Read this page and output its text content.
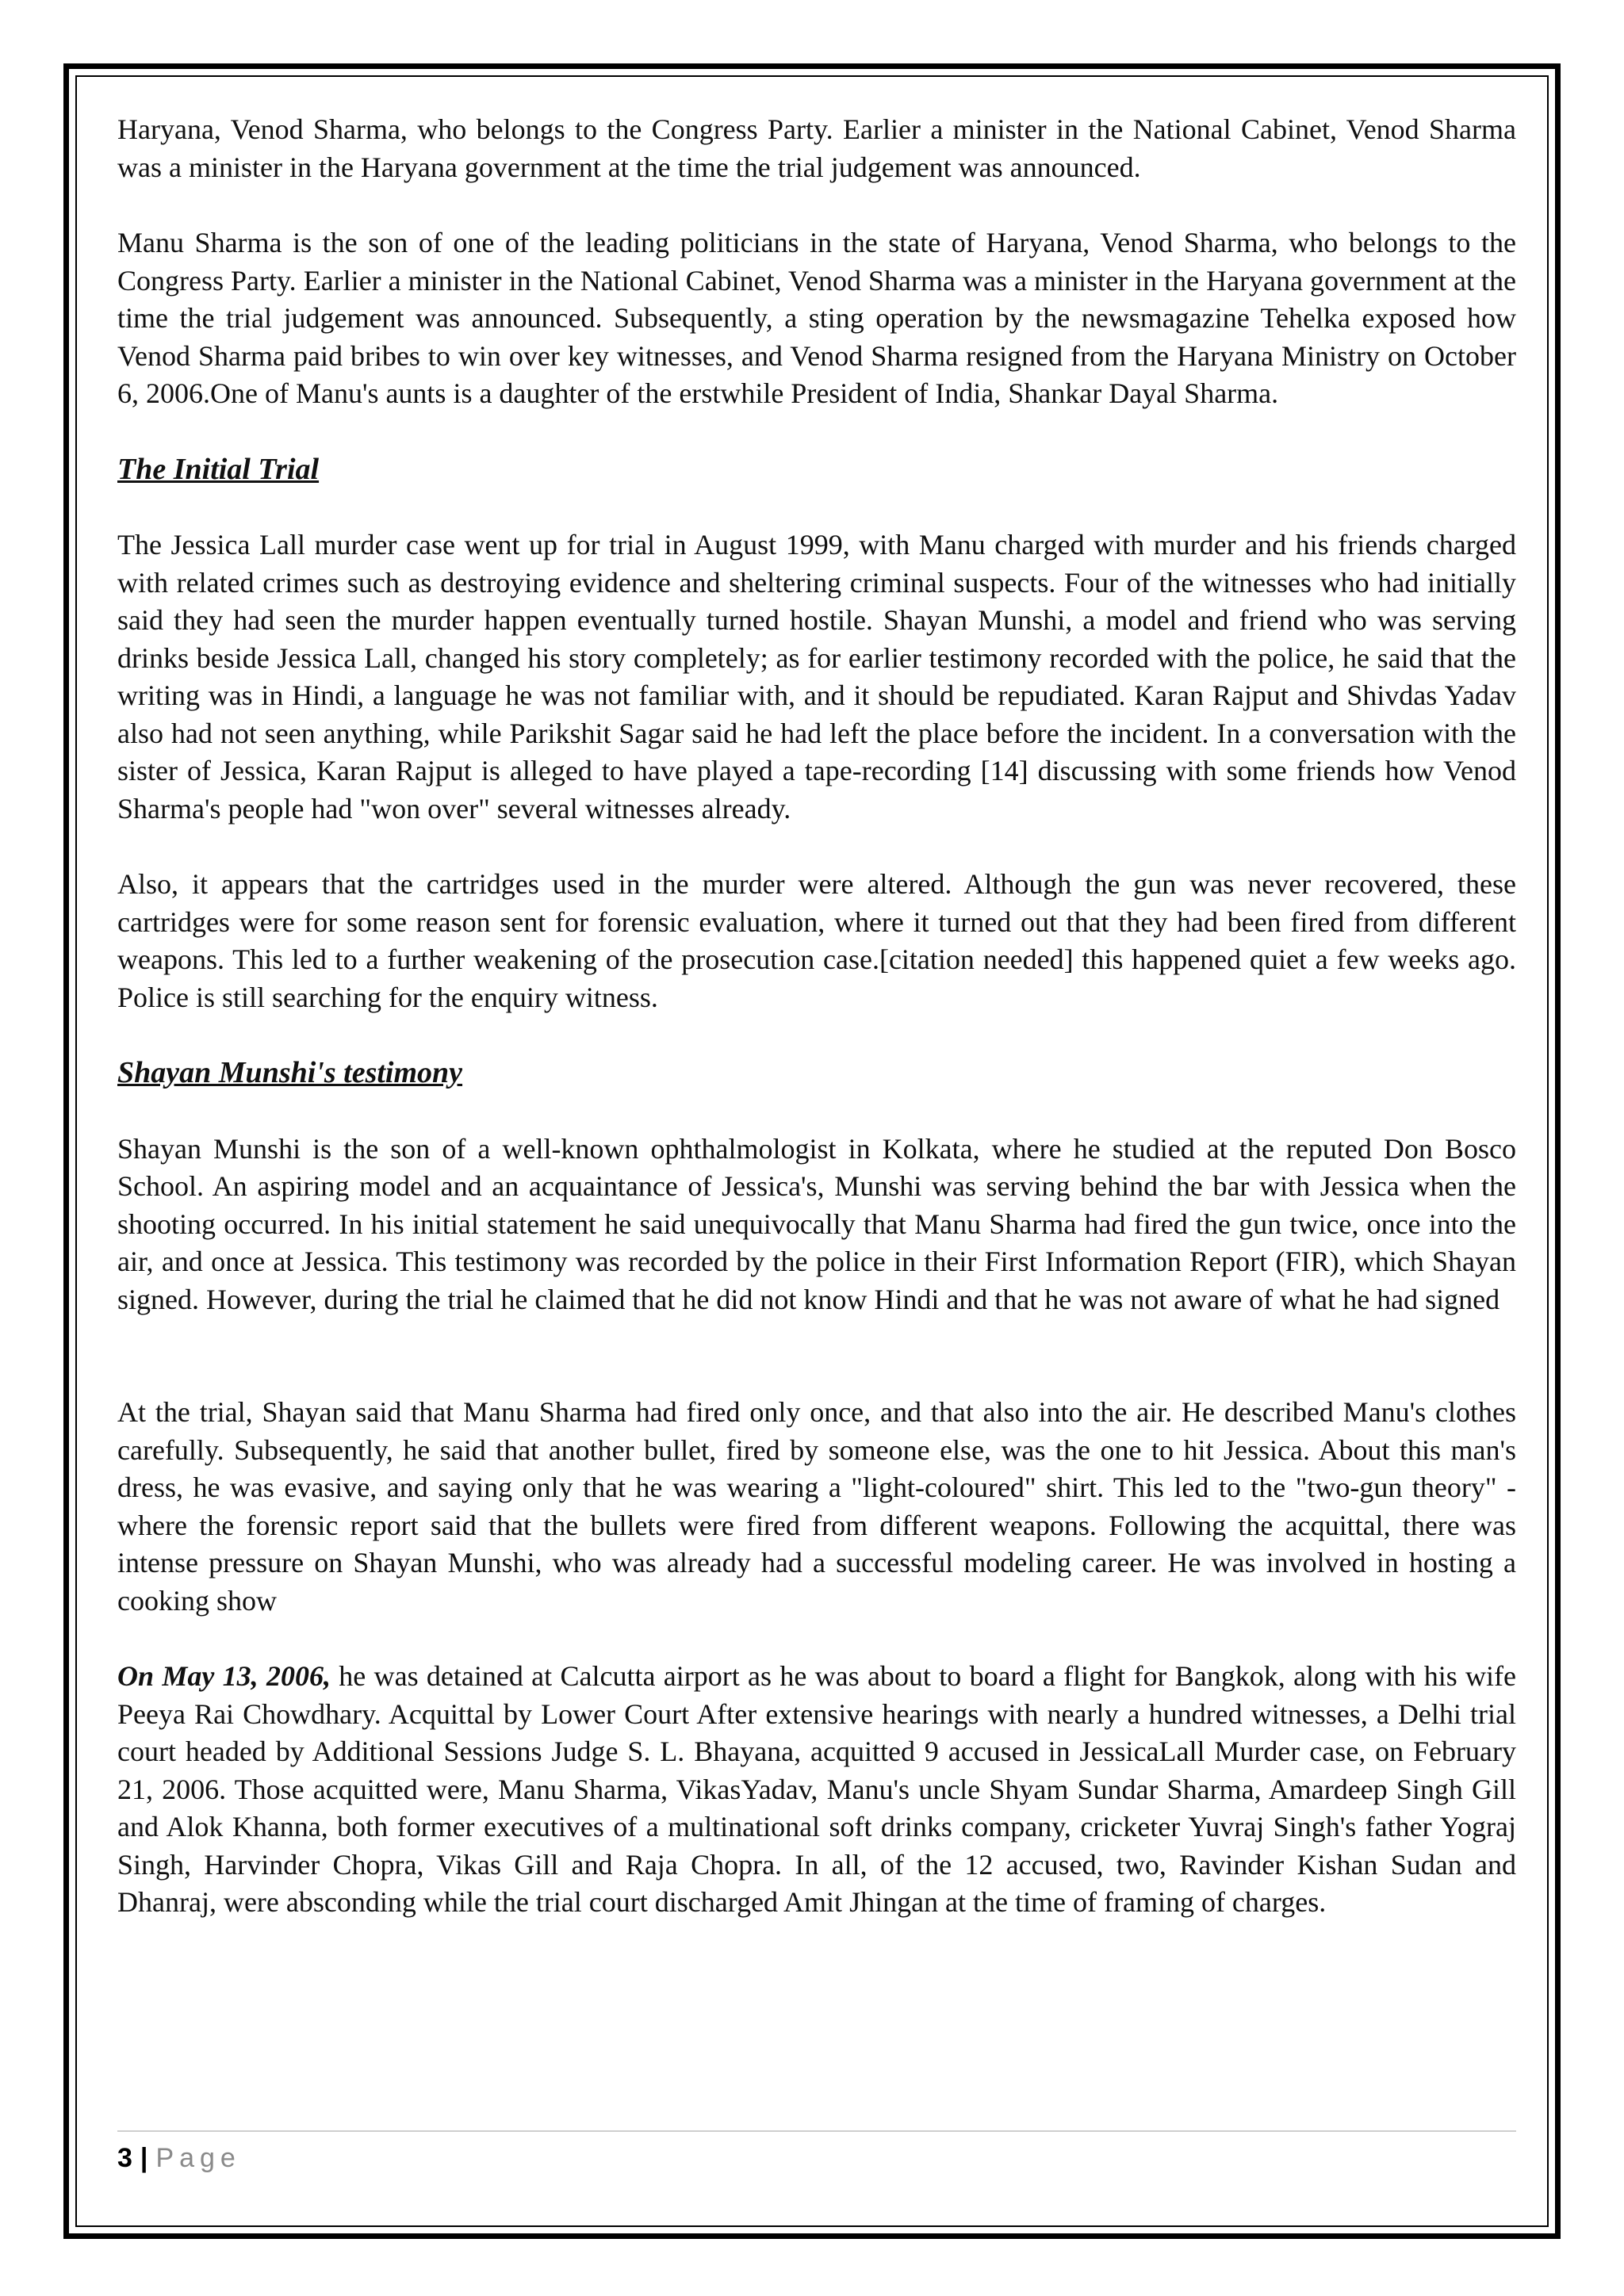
Haryana, Venod Sharma, who belongs to the Congress Party. Earlier a minister in the National Cabinet, Venod Sharma was a minister in the Haryana government at the time the trial judgement was announced.

Manu Sharma is the son of one of the leading politicians in the state of Haryana, Venod Sharma, who belongs to the Congress Party. Earlier a minister in the National Cabinet, Venod Sharma was a minister in the Haryana government at the time the trial judgement was announced. Subsequently, a sting operation by the newsmagazine Tehelka exposed how Venod Sharma paid bribes to win over key witnesses, and Venod Sharma resigned from the Haryana Ministry on October 6, 2006.One of Manu's aunts is a daughter of the erstwhile President of India, Shankar Dayal Sharma.

The Initial Trial

The Jessica Lall murder case went up for trial in August 1999, with Manu charged with murder and his friends charged with related crimes such as destroying evidence and sheltering criminal suspects. Four of the witnesses who had initially said they had seen the murder happen eventually turned hostile. Shayan Munshi, a model and friend who was serving drinks beside Jessica Lall, changed his story completely; as for earlier testimony recorded with the police, he said that the writing was in Hindi, a language he was not familiar with, and it should be repudiated. Karan Rajput and Shivdas Yadav also had not seen anything, while Parikshit Sagar said he had left the place before the incident. In a conversation with the sister of Jessica, Karan Rajput is alleged to have played a tape-recording [14] discussing with some friends how Venod Sharma's people had "won over" several witnesses already.

Also, it appears that the cartridges used in the murder were altered. Although the gun was never recovered, these cartridges were for some reason sent for forensic evaluation, where it turned out that they had been fired from different weapons. This led to a further weakening of the prosecution case.[citation needed] this happened quiet a few weeks ago. Police is still searching for the enquiry witness.

Shayan Munshi's testimony

Shayan Munshi is the son of a well-known ophthalmologist in Kolkata, where he studied at the reputed Don Bosco School. An aspiring model and an acquaintance of Jessica's, Munshi was serving behind the bar with Jessica when the shooting occurred. In his initial statement he said unequivocally that Manu Sharma had fired the gun twice, once into the air, and once at Jessica. This testimony was recorded by the police in their First Information Report (FIR), which Shayan signed. However, during the trial he claimed that he did not know Hindi and that he was not aware of what he had signed

At the trial, Shayan said that Manu Sharma had fired only once, and that also into the air. He described Manu's clothes carefully. Subsequently, he said that another bullet, fired by someone else, was the one to hit Jessica. About this man's dress, he was evasive, and saying only that he was wearing a "light-coloured" shirt. This led to the "two-gun theory" - where the forensic report said that the bullets were fired from different weapons. Following the acquittal, there was intense pressure on Shayan Munshi, who was already had a successful modeling career. He was involved in hosting a cooking show

On May 13, 2006, he was detained at Calcutta airport as he was about to board a flight for Bangkok, along with his wife Peeya Rai Chowdhary. Acquittal by Lower Court After extensive hearings with nearly a hundred witnesses, a Delhi trial court headed by Additional Sessions Judge S. L. Bhayana, acquitted 9 accused in JessicaLall Murder case, on February 21, 2006. Those acquitted were, Manu Sharma, VikasYadav, Manu's uncle Shyam Sundar Sharma, Amardeep Singh Gill and Alok Khanna, both former executives of a multinational soft drinks company, cricketer Yuvraj Singh's father Yograj Singh, Harvinder Chopra, Vikas Gill and Raja Chopra. In all, of the 12 accused, two, Ravinder Kishan Sudan and Dhanraj, were absconding while the trial court discharged Amit Jhingan at the time of framing of charges.

3 | Page
